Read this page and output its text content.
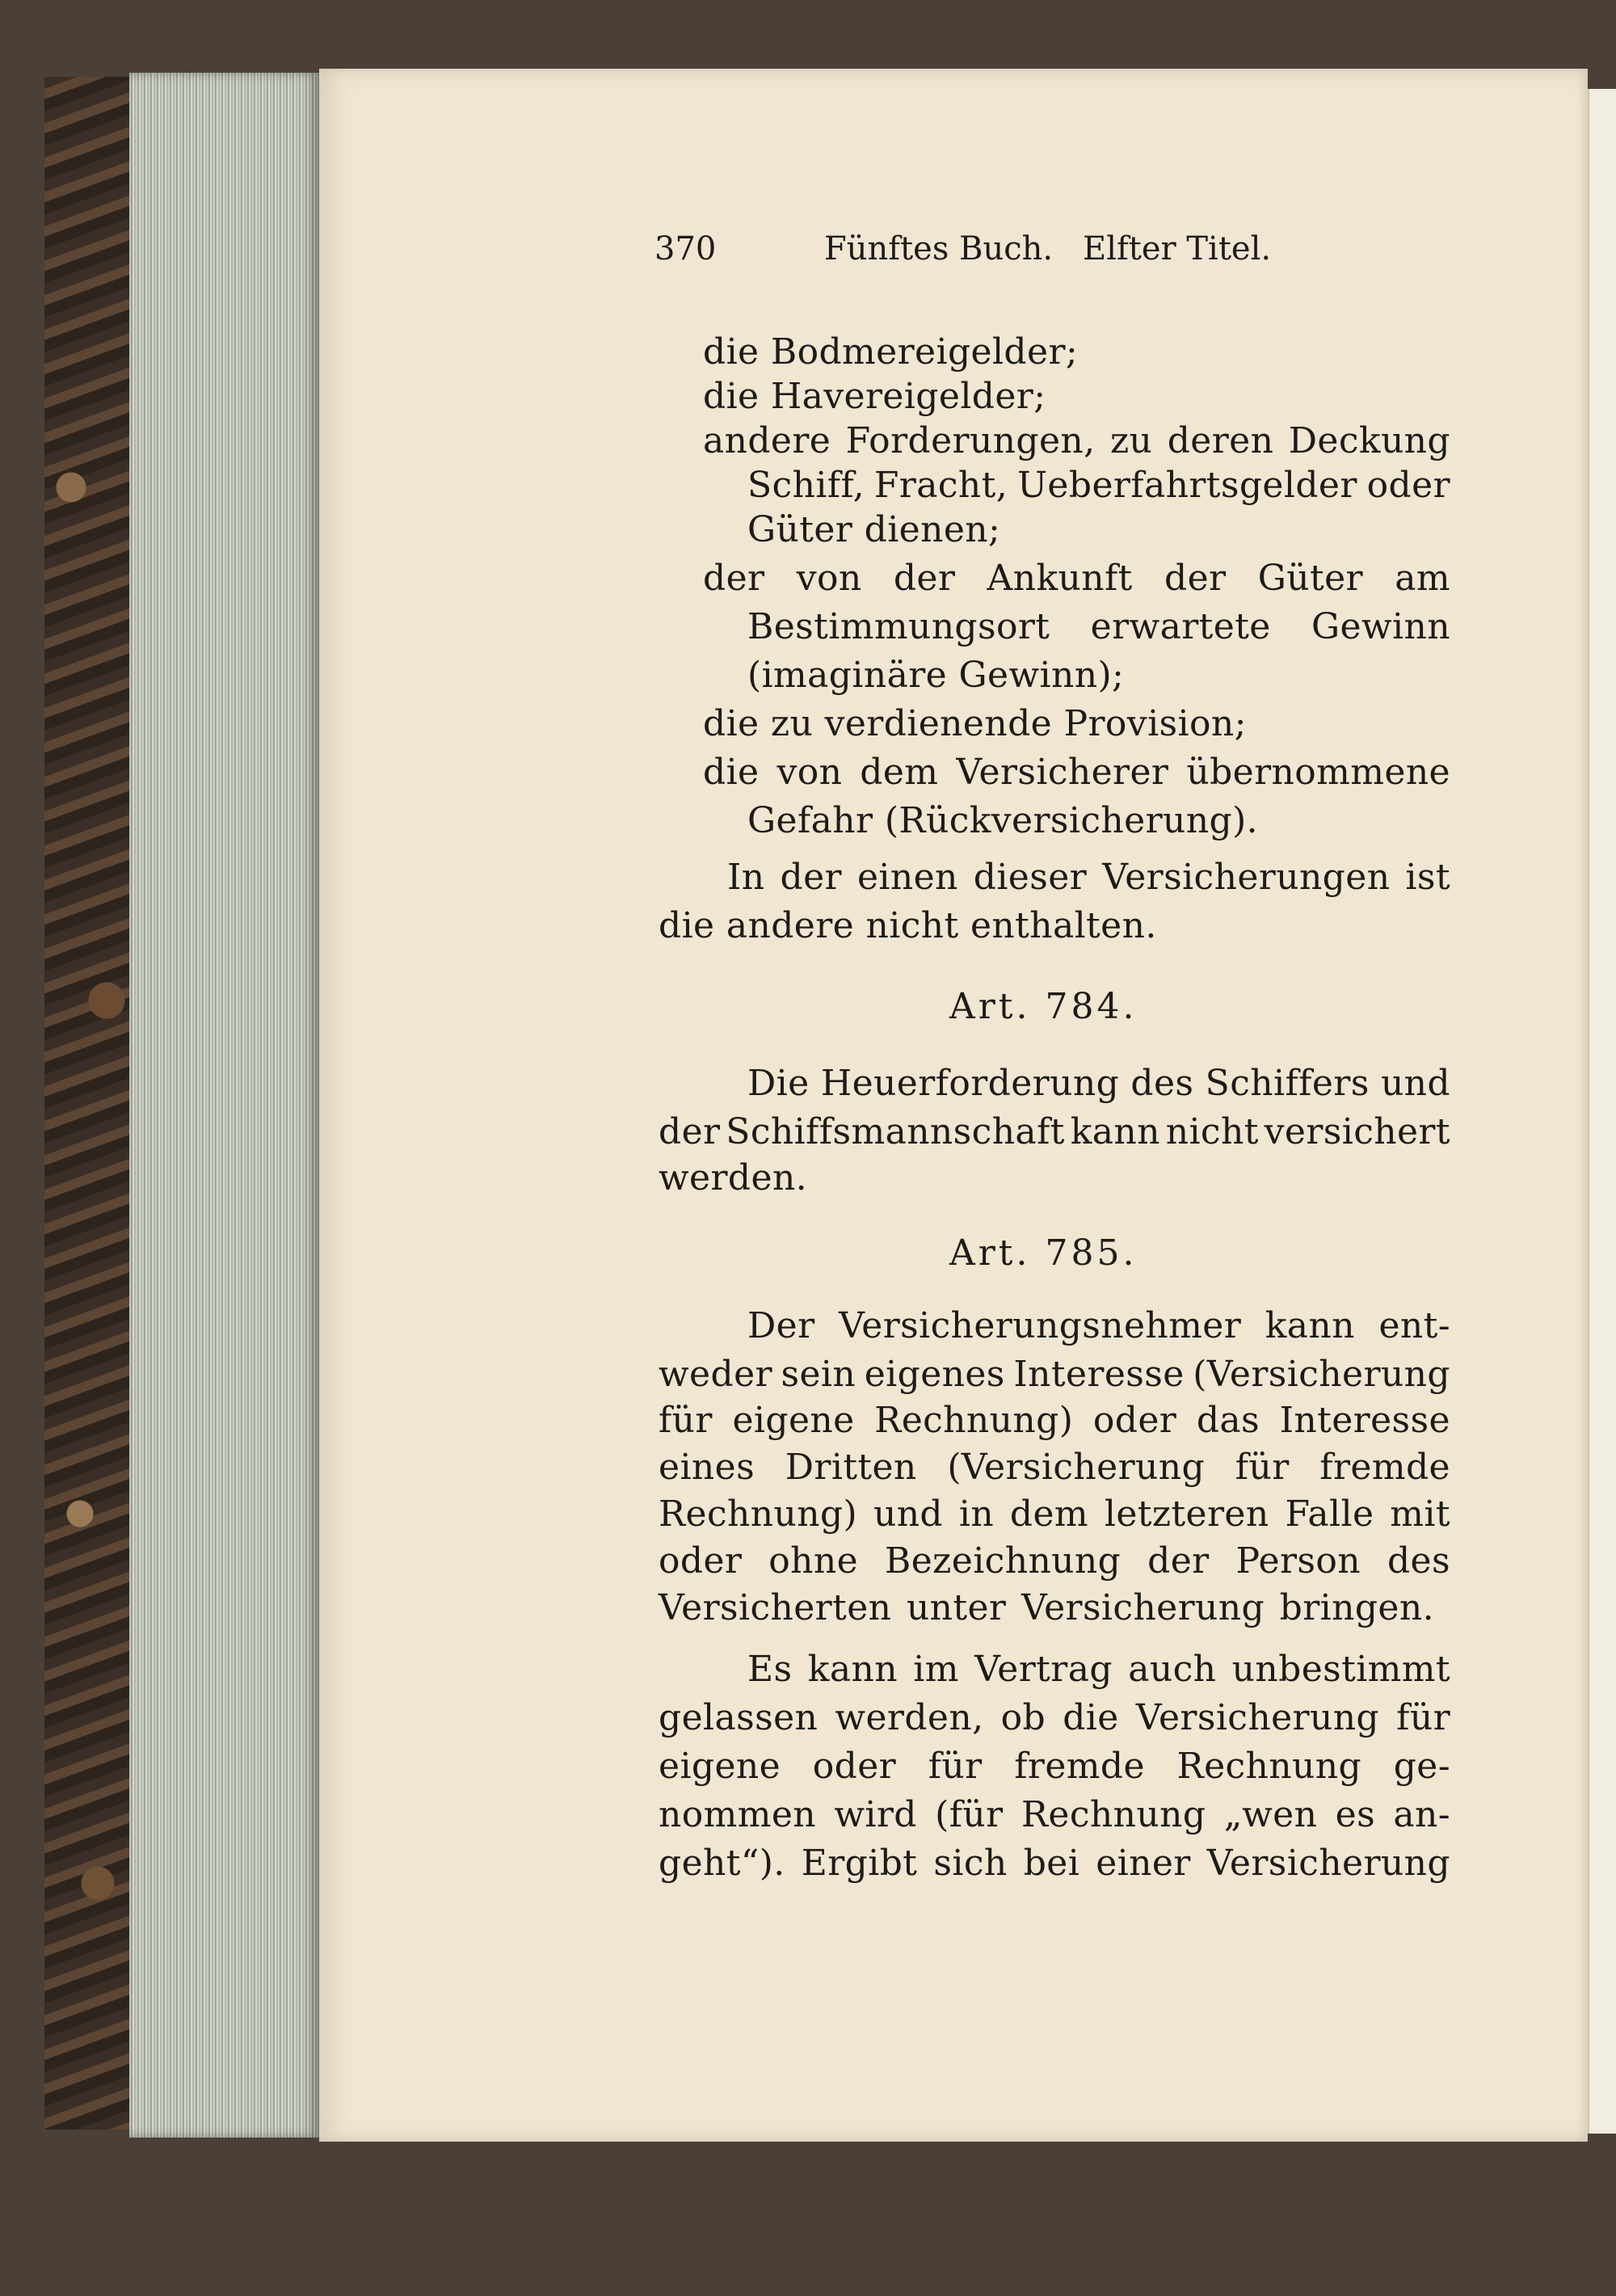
370	Fünftes Buch. Elfter Titel.
die Bodmereigelder;
die Havereigelder;
andere Forderungen, zu deren Deckung
Schiff, Fracht, Ueberfahrtsgelder oder
Güter dienen;
der von der Ankunft der Güter am
Bestimmungsort erwartete Gewinn
(imaginäre Gewinn);
die zu verdienende Provision;
die von dem Versicherer übernommene
Gefahr (Rückversicherung).
In der einen dieser Versicherungen ist
die andere nicht enthalten.
Art. 784.
Die Heuerforderung des Schiffers und
der Schiffsmannschaft kann nicht versichert
werden.
Art. 785.
Der Versicherungsnehmer kann ent-
weder sein eigenes Interesse (Versicherung
für eigene Rechnung) oder das Interesse
eines Dritten (Versicherung für fremde
Rechnung) und in dem letzteren Falle mit
oder ohne Bezeichnung der Person des
Versicherten unter Versicherung bringen.
Es kann im Vertrag auch unbestimmt
gelassen werden, ob die Versicherung für
eigene oder für fremde Rechnung ge-
nommen wird (für Rechnung „wen es an-
geht“). Ergibt sich bei einer Versicherung
